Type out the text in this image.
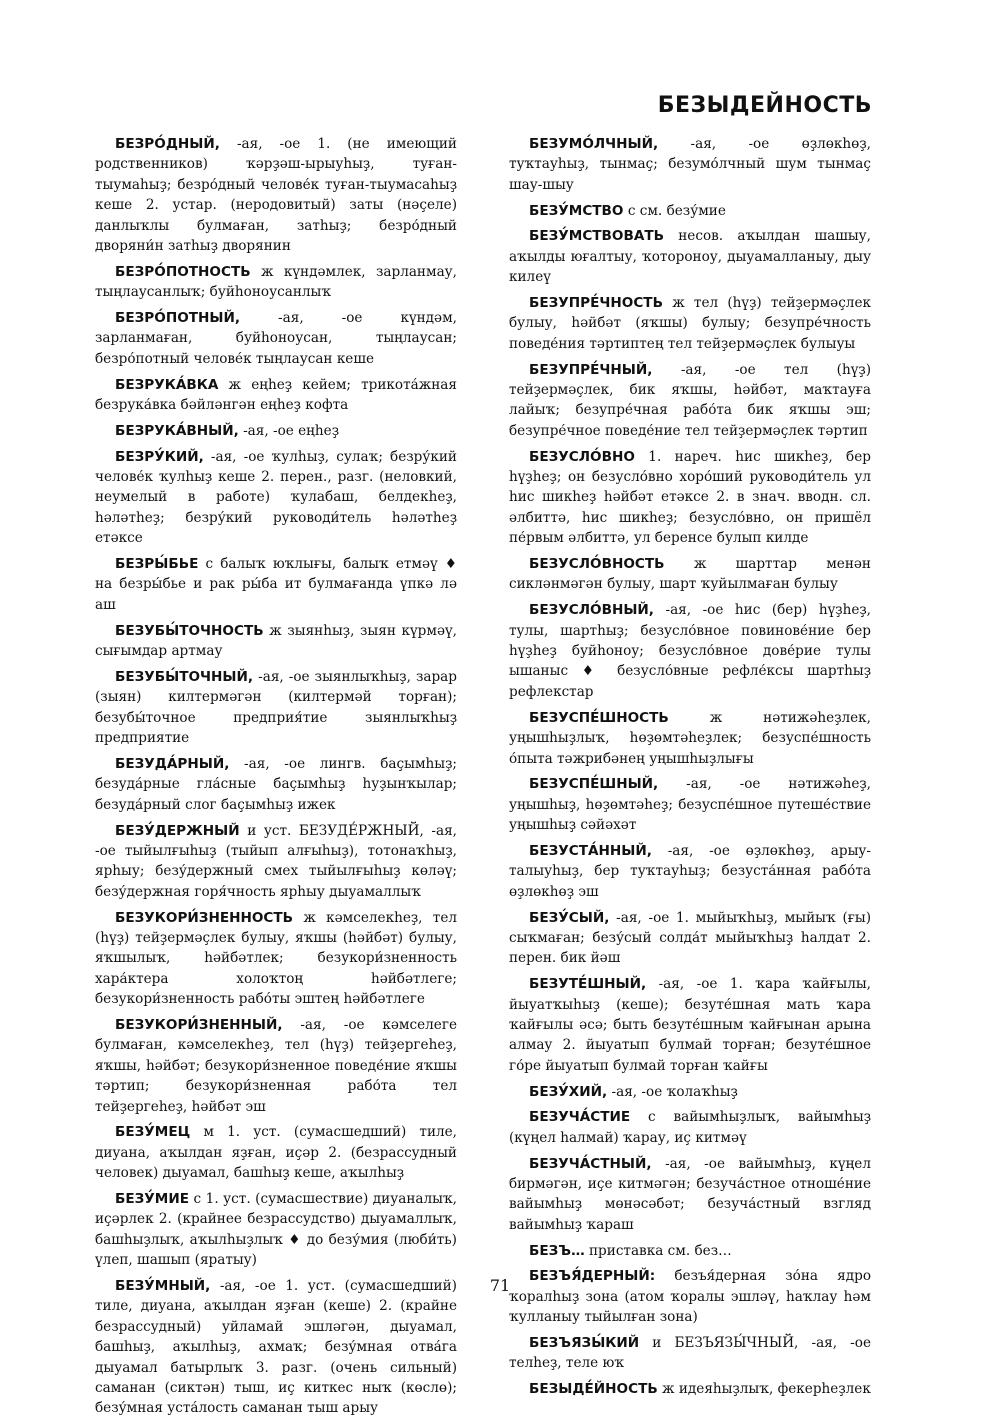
БЕЗЫДЕЙНОСТЬ

БЕЗРО́ДНЫЙ, -ая, -ое 1. (не имеющий родственников) ҡәрҙәш-ырыуһыҙ, туған-тыумаһыҙ; безро́дный челове́к туған-тыумасаһыҙ кеше 2. устар. (неродовитый) заты (нәҫеле) данлыҡлы булмаған, затһыҙ; безро́дный дворяни́н затһыҙ дворянин

БЕЗРО́ПОТНОСТЬ ж күндәмлек, зарланмау, тыңлаусанлыҡ; буйһоноусанлыҡ

БЕЗРО́ПОТНЫЙ,	-ая, -ое күндәм, зарланмаған, буйһоноусан, тыңлаусан; безро́потный челове́к тыңлаусан кеше

БЕЗРУКА́ВКА ж еңһеҙ кейем; трикота́жная безрука́вка бәйләнгән еңһеҙ кофта

БЕЗРУКА́ВНЫЙ, -ая, -ое еңһеҙ

БЕЗРУ́КИЙ, -ая, -ое ҡулһыҙ, сулаҡ; безру́кий челове́к ҡулһыҙ кеше 2. перен., разг. (неловкий, неумелый в работе) ҡулабаш, белдекһеҙ, һәләтһеҙ; безру́кий руководи́тель һәләтһеҙ етәксе

БЕЗРЫ́БЬЕ с балыҡ юҡлығы, балыҡ етмәү ♦ на безры́бье и рак ры́ба ит булмағанда үпкә лә аш

БЕЗУБЫ́ТОЧНОСТЬ ж зыянһыҙ, зыян күрмәү, сығымдар артмау

БЕЗУБЫ́ТОЧНЫЙ, -ая, -ое зыянлыҡһыҙ, зарар (зыян) килтермәгән (килтермәй торған); безубы́точное предприя́тие зыянлыҡһыҙ предприятие

БЕЗУДА́РНЫЙ, -ая, -ое лингв. баҫымһыҙ; безуда́рные гла́сные баҫымһыҙ һуҙынҡылар; безуда́рный слог баҫымһыҙ ижек

БЕЗУ́ДЕРЖНЫЙ и уст. БЕЗУДЕ́РЖНЫЙ, -ая, -ое тыйылғыһыҙ (тыйып алғыһыҙ), тотонаҡһыҙ, ярһыу; безу́держный смех тыйылғыһыҙ көләү; безу́держная горя́чность ярһыу дыуамаллыҡ

БЕЗУКОРИ́ЗНЕННОСТЬ ж кәмселекһеҙ, тел (һүҙ) тейҙермәҫлек булыу, яҡшы (һәйбәт) булыу, яҡшылыҡ, һәйбәтлек; безукори́зненность хара́ктера холоҡтоң һәйбәтлеге; безукори́зненность рабо́ты эштең һәйбәтлеге

БЕЗУКОРИ́ЗНЕННЫЙ, -ая, -ое кәмселеге булмаған, кәмселекһеҙ, тел (һүҙ) тейҙергеһеҙ, яҡшы, һәйбәт; безукори́зненное поведе́ние яҡшы тәртип; безукори́зненная рабо́та тел тейҙергеһеҙ, һәйбәт эш

БЕЗУ́МЕЦ м 1. уст. (сумасшедший) тиле, диуана, аҡылдан яҙған, иҫәр 2. (безрассудный человек) дыуамал, башһыҙ кеше, аҡылһыҙ

БЕЗУ́МИЕ с 1. уст. (сумасшествие) диуаналыҡ, иҫәрлек 2. (крайнее безрассудство) дыуамаллыҡ, башһыҙлыҡ, аҡылһыҙлыҡ ♦ до безу́мия (люби́ть) үлеп, шашып (яратыу)

БЕЗУ́МНЫЙ, -ая, -ое 1. уст. (сумасшедший) тиле, диуана, аҡылдан яҙған (кеше) 2. (крайне безрассудный) уйламай эшләгән, дыуамал, башһыҙ, аҡылһыҙ, ахмаҡ; безу́мная отва́га дыуамал батырлыҡ 3. разг. (очень сильный) саманан (сиктән) тыш, иҫ киткес ныҡ (көслө); безу́мная уста́лость саманан тыш арыу

БЕЗУМО́ЛЧНЫЙ, -ая, -ое өҙлөкһөҙ, туҡтауһыҙ, тынмаҫ; безумо́лчный шум тынмаҫ шау-шыу

БЕЗУ́МСТВО с см. безу́мие

БЕЗУ́МСТВОВАТЬ несов. аҡылдан шашыу, аҡылды юғалтыу, ҡотороноу, дыуамалланыу, дыу килеү

БЕЗУПРЕ́ЧНОСТЬ ж тел (һүҙ) тейҙермәҫлек булыу, һәйбәт (яҡшы) булыу; безупре́чность поведе́ния тәртиптең тел тейҙермәҫлек булыуы

БЕЗУПРЕ́ЧНЫЙ, -ая, -ое тел (һүҙ) тейҙермәҫлек, бик яҡшы, һәйбәт, маҡтауға лайыҡ; безупре́чная рабо́та бик яҡшы эш; безупре́чное поведе́ние тел тейҙермәҫлек тәртип

БЕЗУСЛО́ВНО 1. нареч. һис шикһеҙ, бер һүҙһеҙ; он безусло́вно хоро́ший руководи́тель ул һис шикһеҙ һәйбәт етәксе 2. в знач. вводн. сл. әлбиттә, һис шикһеҙ; безусло́вно, он пришёл пе́рвым әлбиттә, ул беренсе булып килде

БЕЗУСЛО́ВНОСТЬ ж шарттар менән сикләнмәгән булыу, шарт ҡуйылмаған булыу

БЕЗУСЛО́ВНЫЙ, -ая, -ое һис (бер) һүҙһеҙ, тулы, шартһыҙ; безусло́вное повинове́ние бер һүҙһеҙ буйһоноу; безусло́вное дове́рие тулы ышаныс ♦ безусло́вные рефле́ксы шартһыҙ рефлекстар

БЕЗУСПЕ́ШНОСТЬ	ж нәтижәһеҙлек, уңышһыҙлыҡ, һөҙөмтәһеҙлек; безуспе́шность о́пыта тәжрибәнең уңышһыҙлығы

БЕЗУСПЕ́ШНЫЙ, -ая, -ое нәтижәһеҙ, уңышһыҙ, һөҙөмтәһеҙ; безуспе́шное путеше́ствие уңышһыҙ сәйәхәт

БЕЗУСТА́ННЫЙ, -ая, -ое өҙлөкһөҙ, арыу-талыуһыҙ, бер туҡтауһыҙ; безуста́нная рабо́та өҙлөкһөҙ эш

БЕЗУ́СЫЙ, -ая, -ое 1. мыйыҡһыҙ, мыйыҡ (ғы) сыҡмаған; безу́сый солда́т мыйыҡһыҙ һалдат 2. перен. бик йәш

БЕЗУТЕ́ШНЫЙ, -ая, -ое 1. ҡара ҡайғылы, йыуатҡыһыҙ (кеше); безуте́шная мать ҡара ҡайғылы әсә; быть безуте́шным ҡайғынан арына алмау 2. йыуатып булмай торған; безуте́шное го́ре йыуатып булмай торған ҡайғы

БЕЗУ́ХИЙ, -ая, -ое ҡолаҡһыҙ

БЕЗУЧА́СТИЕ с вайымһыҙлыҡ, вайымһыҙ (күңел һалмай) ҡарау, иҫ китмәү

БЕЗУЧА́СТНЫЙ, -ая, -ое вайымһыҙ, күңел бирмәгән, иҫе китмәгән; безуча́стное отноше́ние вайымһыҙ мөнәсәбәт; безуча́стный взгляд вайымһыҙ ҡараш

БЕЗЪ… приставка см. без…

БЕЗЪЯ́ДЕРНЫЙ: безъя́дерная зо́на ядро ҡоралһыҙ зона (атом ҡоралы эшләү, һаҡлау һәм ҡулланыу тыйылған зона)

БЕЗЪЯЗЫ́КИЙ и БЕЗЪЯЗЫ́ЧНЫЙ, -ая, -ое телһеҙ, теле юҡ

БЕЗЫДЕ́ЙНОСТЬ ж идеяһыҙлыҡ, фекерһеҙлек

71
